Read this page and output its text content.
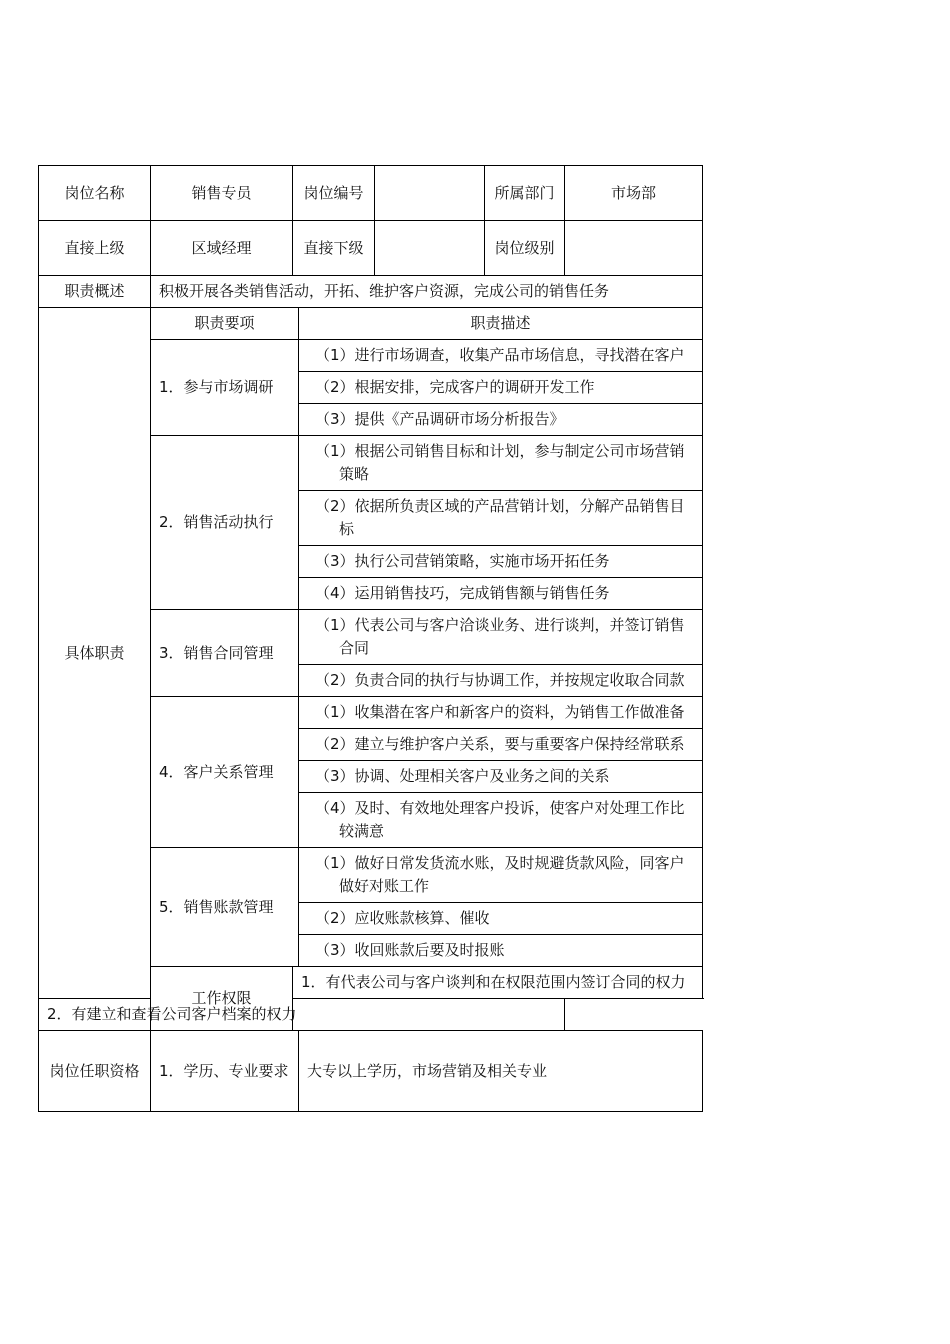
岗位名称	销售专员	岗位编号			所属部门	市场部
直接上级	区域经理	直接下级			岗位级别	
职责概述	积极开展各类销售活动，开拓、维护客户资源，完成公司的销售任务					
具体职责	职责要项		职责描述			
	1．参与市场调研		（1）进行市场调查，收集产品市场信息，寻找潜在客户			
			（2）根据安排，完成客户的调研开发工作			
			（3）提供《产品调研市场分析报告》			
	2．销售活动执行		（1）根据公司销售目标和计划，参与制定公司市场营销策略			
			（2）依据所负责区域的产品营销计划，分解产品销售目标			
			（3）执行公司营销策略，实施市场开拓任务			
			（4）运用销售技巧，完成销售额与销售任务			
	3．销售合同管理		（1）代表公司与客户洽谈业务、进行谈判，并签订销售合同			
			（2）负责合同的执行与协调工作，并按规定收取合同款			
	4．客户关系管理		（1）收集潜在客户和新客户的资料，为销售工作做准备			
			（2）建立与维护客户关系，要与重要客户保持经常联系			
			（3）协调、处理相关客户及业务之间的关系			
			（4）及时、有效地处理客户投诉，使客户对处理工作比较满意			
	5．销售账款管理		（1）做好日常发货流水账，及时规避货款风险，同客户做好对账工作			
			（2）应收账款核算、催收			
			（3）收回账款后要及时报账			
	工作权限	1．有代表公司与客户谈判和在权限范围内签订合同的权力				
2．有建立和查看公司客户档案的权力						
岗位任职资格	1．学历、专业要求		大专以上学历，市场营销及相关专业			
